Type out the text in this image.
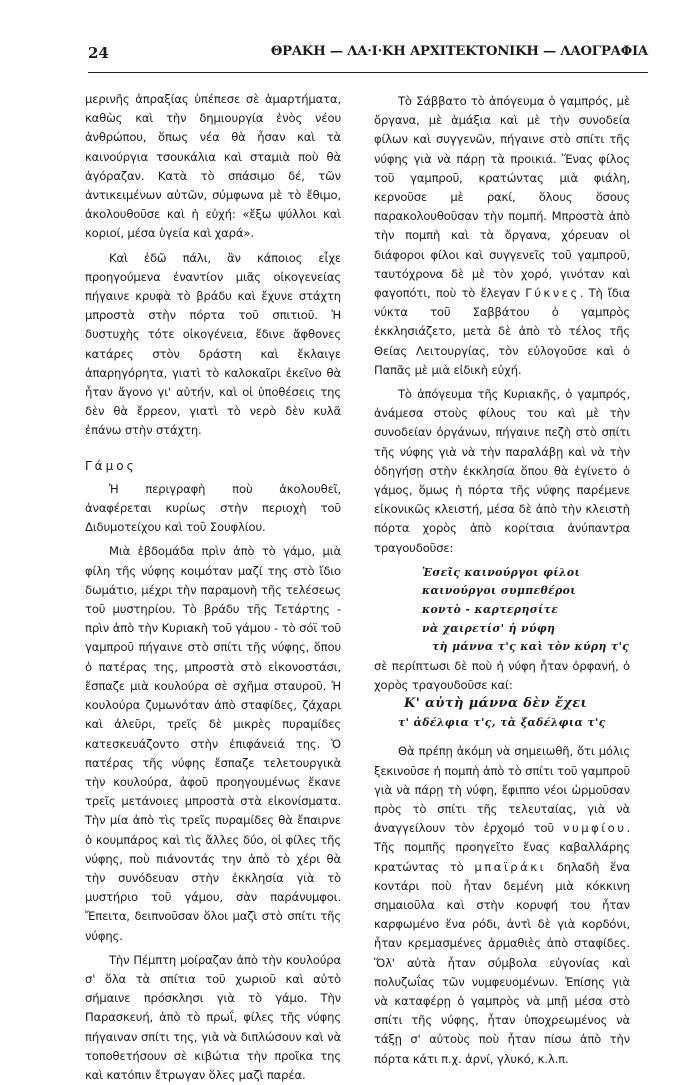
24	ΘΡΑΚΗ — ΛΑ·Ι·ΚΗ ΑΡΧΙΤΕΚΤΟΝΙΚΗ — ΛΑΟΓΡΑΦΙΑ

μερινῆς ἀπραξίας ὑπέπεσε σὲ ἁμαρτήματα, καθὼς καὶ τὴν δημιουργία ἑνὸς νέου ἀνθρώπου, ὅπως νέα θὰ ἦσαν καὶ τὰ καινούργια τσουκάλια καὶ σταμιὰ ποὺ θὰ ἀγόραζαν. Κατὰ τὸ σπάσιμο δέ, τῶν ἀντικειμένων αὐτῶν, σύμφωνα μὲ τὸ ἔθιμο, ἀκολουθοῦσε καὶ ἡ εὐχή: «ἔξω ψύλλοι καὶ κοριοί, μέσα ὑγεία καὶ χαρά».

Καὶ ἐδῶ πάλι, ἂν κάποιος εἶχε προηγούμενα ἐναντίον μιᾶς οἰκογενείας πήγαινε κρυφὰ τὸ βράδυ καὶ ἔχυνε στάχτη μπροστὰ στὴν πόρτα τοῦ σπιτιοῦ. Ἡ δυστυχὴς τότε οἰκογένεια, ἔδινε ἄφθονες κατάρες στὸν δράστη καὶ ἔκλαιγε ἀπαρηγόρητα, γιατὶ τὸ καλοκαῖρι ἐκεῖνο θὰ ἦταν ἄγονο γι' αὐτήν, καὶ οἱ ὑποθέσεις της δὲν θὰ ἔρρεον, γιατὶ τὸ νερὸ δὲν κυλᾶ ἐπάνω στὴν στάχτη.

Γάμος

Ἡ περιγραφὴ ποὺ ἀκολουθεῖ, ἀναφέρεται κυρίως στὴν περιοχὴ τοῦ Διδυμοτείχου καὶ τοῦ Σουφλίου.

Μιὰ ἑβδομάδα πρὶν ἀπὸ τὸ γάμο, μιὰ φίλη τῆς νύφης κοιμόταν μαζί της στὸ ἴδιο δωμάτιο, μέχρι τὴν παραμονὴ τῆς τελέσεως τοῦ μυστηρίου. Τὸ βράδυ τῆς Τετάρτης - πρὶν ἀπὸ τὴν Κυριακὴ τοῦ γάμου - τὸ σόϊ τοῦ γαμπροῦ πήγαινε στὸ σπίτι τῆς νύφης, ὅπου ὁ πατέρας της, μπροστὰ στὸ εἰκονοστάσι, ἔσπαζε μιὰ κουλούρα σὲ σχῆμα σταυροῦ. Ἡ κουλούρα ζυμωνόταν ἀπὸ σταφίδες, ζάχαρι καὶ ἀλεῦρι, τρεῖς δὲ μικρὲς πυραμίδες κατεσκευάζοντο στὴν ἐπιφάνειά της. Ὁ πατέρας τῆς νύφης ἔσπαζε τελετουργικὰ τὴν κουλούρα, ἀφοῦ προηγουμένως ἔκανε τρεῖς μετάνοιες μπροστὰ στὰ εἰκονίσματα. Τὴν μία ἀπὸ τὶς τρεῖς πυραμίδες θὰ ἔπαιρνε ὁ κουμπάρος καὶ τὶς ἄλλες δύο, οἱ φίλες τῆς νύφης, ποὺ πιάνοντάς την ἀπὸ τὸ χέρι θὰ τὴν συνόδευαν στὴν ἐκκλησία γιὰ τὸ μυστήριο τοῦ γάμου, σὰν παράνυμφοι. Ἔπειτα, δειπνοῦσαν ὅλοι μαζὶ στὸ σπίτι τῆς νύφης.

Τὴν Πέμπτη μοίραζαν ἀπὸ τὴν κουλούρα σ' ὅλα τὰ σπίτια τοῦ χωριοῦ καὶ αὐτὸ σήμαινε πρόσκλησι γιὰ τὸ γάμο. Τὴν Παρασκευή, ἀπὸ τὸ πρωΐ, φίλες τῆς νύφης πήγαιναν σπίτι της, γιὰ νὰ διπλώσουν καὶ νὰ τοποθετήσουν σὲ κιβώτια τὴν προῖκα της καὶ κατόπιν ἔτρωγαν ὅλες μαζὶ παρέα.

Τὸ Σάββατο τὸ ἀπόγευμα ὁ γαμπρός, μὲ ὄργανα, μὲ ἁμάξια καὶ μὲ τὴν συνοδεία φίλων καὶ συγγενῶν, πήγαινε στὸ σπίτι τῆς νύφης γιὰ νὰ πάρῃ τὰ προικιά. Ἕνας φίλος τοῦ γαμπροῦ, κρατώντας μιὰ φιάλη, κερνοῦσε μὲ ρακί, ὅλους ὅσους παρακολουθοῦσαν τὴν πομπή. Μπροστὰ ἀπὸ τὴν πομπὴ καὶ τὰ ὄργανα, χόρευαν οἱ διάφοροι φίλοι καὶ συγγενεῖς τοῦ γαμπροῦ, ταυτόχρονα δὲ μὲ τὸν χορό, γινόταν καὶ φαγοπότι, ποὺ τὸ ἔλεγαν Γύκνες. Τὴ ἴδια νύκτα τοῦ Σαββάτου ὁ γαμπρὸς ἐκκλησιάζετο, μετὰ δὲ ἀπὸ τὸ τέλος τῆς Θείας Λειτουργίας, τὸν εὐλογοῦσε καὶ ὁ Παπᾶς μὲ μιὰ εἰδικὴ εὐχή.

Τὸ ἀπόγευμα τῆς Κυριακῆς, ὁ γαμπρός, ἀνάμεσα στοὺς φίλους του καὶ μὲ τὴν συνοδείαν ὀργάνων, πήγαινε πεζὴ στὸ σπίτι τῆς νύφης γιὰ νὰ τὴν παραλάβῃ καὶ νὰ τὴν ὁδηγήσῃ στὴν ἐκκλησία ὅπου θὰ ἐγίνετο ὁ γάμος, ὅμως ἡ πόρτα τῆς νύφης παρέμενε εἰκονικῶς κλειστή, μέσα δὲ ἀπὸ τὴν κλειστὴ πόρτα χορὸς ἀπὸ κορίτσια ἀνύπαντρα τραγουδοῦσε:

Ἐσεῖς καινούργοι φίλοι
καινούργοι συμπεθέροι
κοντὸ - καρτερησίτε
νὰ χαιρετίσ' ἡ νύφη
τὴ μάννα τ'ς καὶ τὸν κύρη τ'ς

σὲ περίπτωσι δὲ ποὺ ἡ νύφη ἦταν ὀρφανή, ὁ χορὸς τραγουδοῦσε καί:

Κ' αὐτὴ μάννα δὲν ἔχει
τ' ἀδέλφια τ'ς, τὰ ξαδέλφια τ'ς

Θὰ πρέπῃ ἀκόμη νὰ σημειωθῆ, ὅτι μόλις ξεκινοῦσε ἡ πομπὴ ἀπὸ τὸ σπίτι τοῦ γαμπροῦ γιὰ νὰ πάρῃ τὴ νύφη, ἔφιππο νέοι ὡρμοῦσαν πρὸς τὸ σπίτι τῆς τελευταίας, γιὰ νὰ ἀναγγείλουν τὸν ἐρχομό τοῦ νυμφίου. Τῆς πομπῆς προηγεῖτο ἕνας καβαλλάρης κρατώντας τὸ μπαϊράκι δηλαδὴ ἕνα κοντάρι ποὺ ἦταν δεμένη μιὰ κόκκινη σημαιοῦλα καὶ στὴν κορυφή του ἦταν καρφωμένο ἕνα ρόδι, ἀντὶ δὲ γιὰ κορδόνι, ἦταν κρεμασμένες ἀρμαθιὲς ἀπὸ σταφίδες. Ὅλ' αὐτὰ ἦταν σύμβολα εὐγονίας καὶ πολυζωΐας τῶν νυμφευομένων. Ἐπίσης γιὰ νὰ καταφέρῃ ὁ γαμπρὸς νὰ μπῇ μέσα στὸ σπίτι τῆς νύφης, ἦταν ὑποχρεωμένος νὰ τάξῃ σ' αὐτοὺς ποὺ ἦταν πίσω ἀπὸ τὴν πόρτα κάτι π.χ. ἀρνί, γλυκό, κ.λ.π.
